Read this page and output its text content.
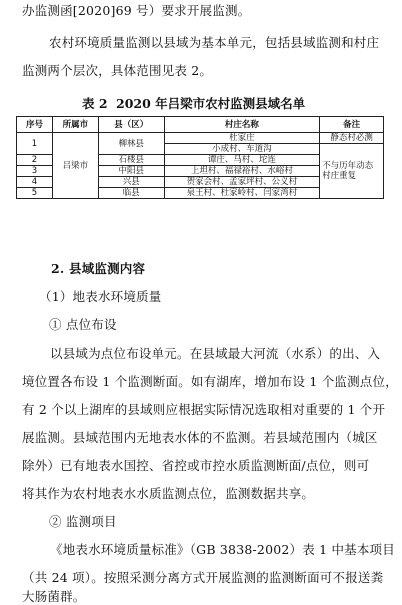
办监测函[2020]69 号）要求开展监测。
农村环境质量监测以县域为基本单元，包括县域监测和村庄
监测两个层次，具体范围见表 2。
表 2 2020 年吕梁市农村监测县域名单
序号	所属市	县（区）	村庄名称	备注
1	吕梁市	柳林县	杜家庄	静态村必测
			小成村、车道沟	不与历年动态村庄重复
2		石楼县	谭庄、马村、坨连	
3		中阳县	上坦村、福禄裕村、水峪村	
4		兴县	贺家会村、孟家坪村、公义村	
5		临县	泉王村、杜家岭村、闫家湾村	
2. 县域监测内容
（1）地表水环境质量
① 点位布设
以县域为点位布设单元。在县域最大河流（水系）的出、入
境位置各布设 1 个监测断面。如有湖库，增加布设 1 个监测点位，
有 2 个以上湖库的县域则应根据实际情况选取相对重要的 1 个开
展监测。县域范围内无地表水体的不监测。若县域范围内（城区
除外）已有地表水国控、省控或市控水质监测断面/点位，则可
将其作为农村地表水水质监测点位，监测数据共享。
② 监测项目
《地表水环境质量标准》（GB 3838-2002）表 1 中基本项目
（共 24 项）。按照采测分离方式开展监测的监测断面可不报送粪
大肠菌群。
